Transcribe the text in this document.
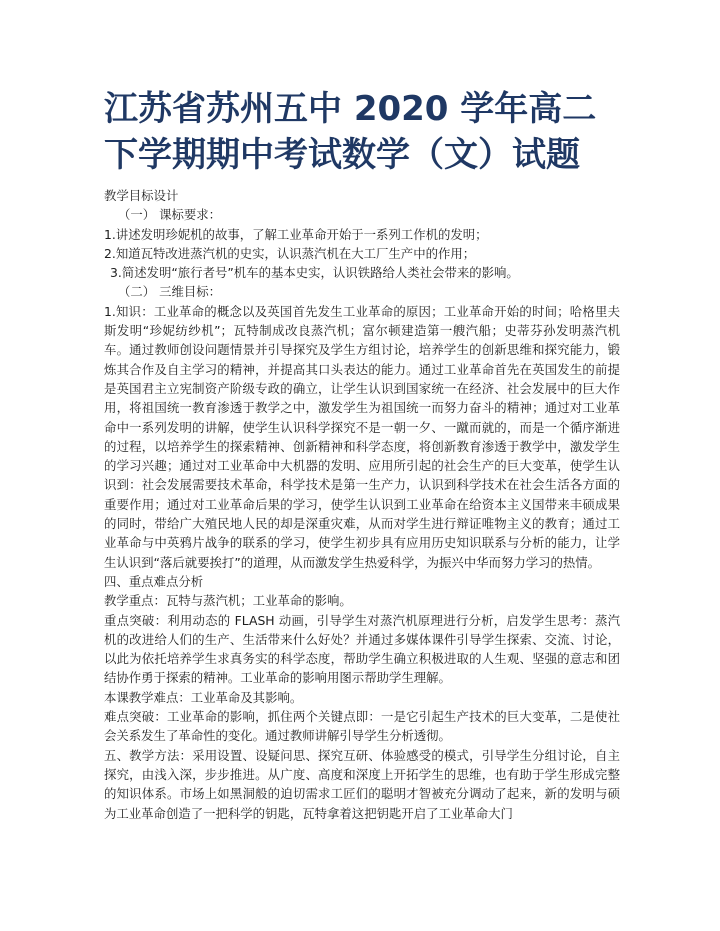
江苏省苏州五中 2020 学年高二下学期期中考试数学（文）试题

教学目标设计

（一） 课标要求：

1.讲述发明珍妮机的故事，了解工业革命开始于一系列工作机的发明；

2.知道瓦特改进蒸汽机的史实，认识蒸汽机在大工厂生产中的作用；

3.简述发明“旅行者号”机车的基本史实，认识铁路给人类社会带来的影响。

（二） 三维目标：

1.知识：工业革命的概念以及英国首先发生工业革命的原因；工业革命开始的时间；哈格里夫斯发明“珍妮纺纱机”；瓦特制成改良蒸汽机；富尔顿建造第一艘汽船；史蒂芬孙发明蒸汽机车。通过教师创设问题情景并引导探究及学生方组讨论，培养学生的创新思维和探究能力，锻炼其合作及自主学习的精神，并提高其口头表达的能力。通过工业革命首先在英国发生的前提是英国君主立宪制资产阶级专政的确立，让学生认识到国家统一在经济、社会发展中的巨大作用，将祖国统一教育渗透于教学之中，激发学生为祖国统一而努力奋斗的精神；通过对工业革命中一系列发明的讲解，使学生认识科学探究不是一朝一夕、一蹴而就的，而是一个循序渐进的过程，以培养学生的探索精神、创新精神和科学态度，将创新教育渗透于教学中，激发学生的学习兴趣；通过对工业革命中大机器的发明、应用所引起的社会生产的巨大变革，使学生认识到：社会发展需要技术革命，科学技术是第一生产力，认识到科学技术在社会生活各方面的重要作用；通过对工业革命后果的学习，使学生认识到工业革命在给资本主义国带来丰硕成果的同时，带给广大殖民地人民的却是深重灾难，从而对学生进行辩证唯物主义的教育；通过工业革命与中英鸦片战争的联系的学习，使学生初步具有应用历史知识联系与分析的能力，让学生认识到“落后就要挨打”的道理，从而激发学生热爱科学，为振兴中华而努力学习的热情。

四、重点难点分析

教学重点：瓦特与蒸汽机；工业革命的影响。

重点突破：利用动态的 FLASH 动画，引导学生对蒸汽机原理进行分析，启发学生思考：蒸汽机的改进给人们的生产、生活带来什么好处？并通过多媒体课件引导学生探索、交流、讨论，以此为依托培养学生求真务实的科学态度，帮助学生确立积极进取的人生观、坚强的意志和团结协作勇于探索的精神。工业革命的影响用图示帮助学生理解。

本课教学难点：工业革命及其影响。

难点突破：工业革命的影响，抓住两个关键点即：一是它引起生产技术的巨大变革，二是使社会关系发生了革命性的变化。通过教师讲解引导学生分析透彻。

五、教学方法：采用设置、设疑问思、探究互研、体验感受的模式，引导学生分组讨论，自主探究，由浅入深，步步推进。从广度、高度和深度上开拓学生的思维，也有助于学生形成完整的知识体系。市场上如黑洞般的迫切需求工匠们的聪明才智被充分调动了起来，新的发明与硕为工业革命创造了一把科学的钥匙，瓦特拿着这把钥匙开启了工业革命大门
